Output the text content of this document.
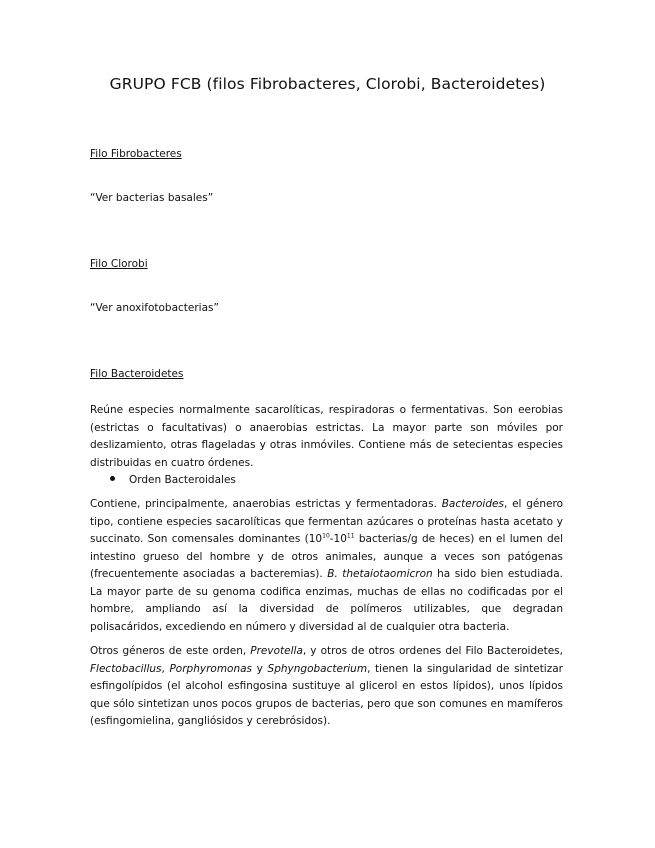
GRUPO FCB (filos Fibrobacteres, Clorobi, Bacteroidetes)
Filo Fibrobacteres
“Ver bacterias basales”
Filo Clorobi
“Ver anoxifotobacterias”
Filo Bacteroidetes

Reúne especies normalmente sacarolíticas, respiradoras o fermentativas. Son eerobias (estrictas o facultativas) o anaerobias estrictas. La mayor parte son móviles por deslizamiento, otras flageladas y otras inmóviles. Contiene más de setecientas especies distribuidas en cuatro órdenes.

Orden Bacteroidales

Contiene, principalmente, anaerobias estrictas y fermentadoras. Bacteroides, el género tipo, contiene especies sacarolíticas que fermentan azúcares o proteínas hasta acetato y succinato. Son comensales dominantes ($10^{10}-10^{11}$ bacterias/g de heces) en el lumen del intestino grueso del hombre y de otros animales, aunque a veces son patógenas (frecuentemente asociadas a bacteremias). B. thetaiotaomicron ha sido bien estudiada. La mayor parte de su genoma codifica enzimas, muchas de ellas no codificadas por el hombre, ampliando así la diversidad de polímeros utilizables, que degradan polisacáridos, excediendo en número y diversidad al de cualquier otra bacteria.

Otros géneros de este orden, Prevotella, y otros de otros ordenes del Filo Bacteroidetes, Flectobacillus, Porphyromonas y Sphyngobacterium, tienen la singularidad de sintetizar esfingolípidos (el alcohol esfingosina sustituye al glicerol en estos lípidos), unos lípidos que sólo sintetizan unos pocos grupos de bacterias, pero que son comunes en mamíferos (esfingomielina, gangliósidos y cerebrósidos).
